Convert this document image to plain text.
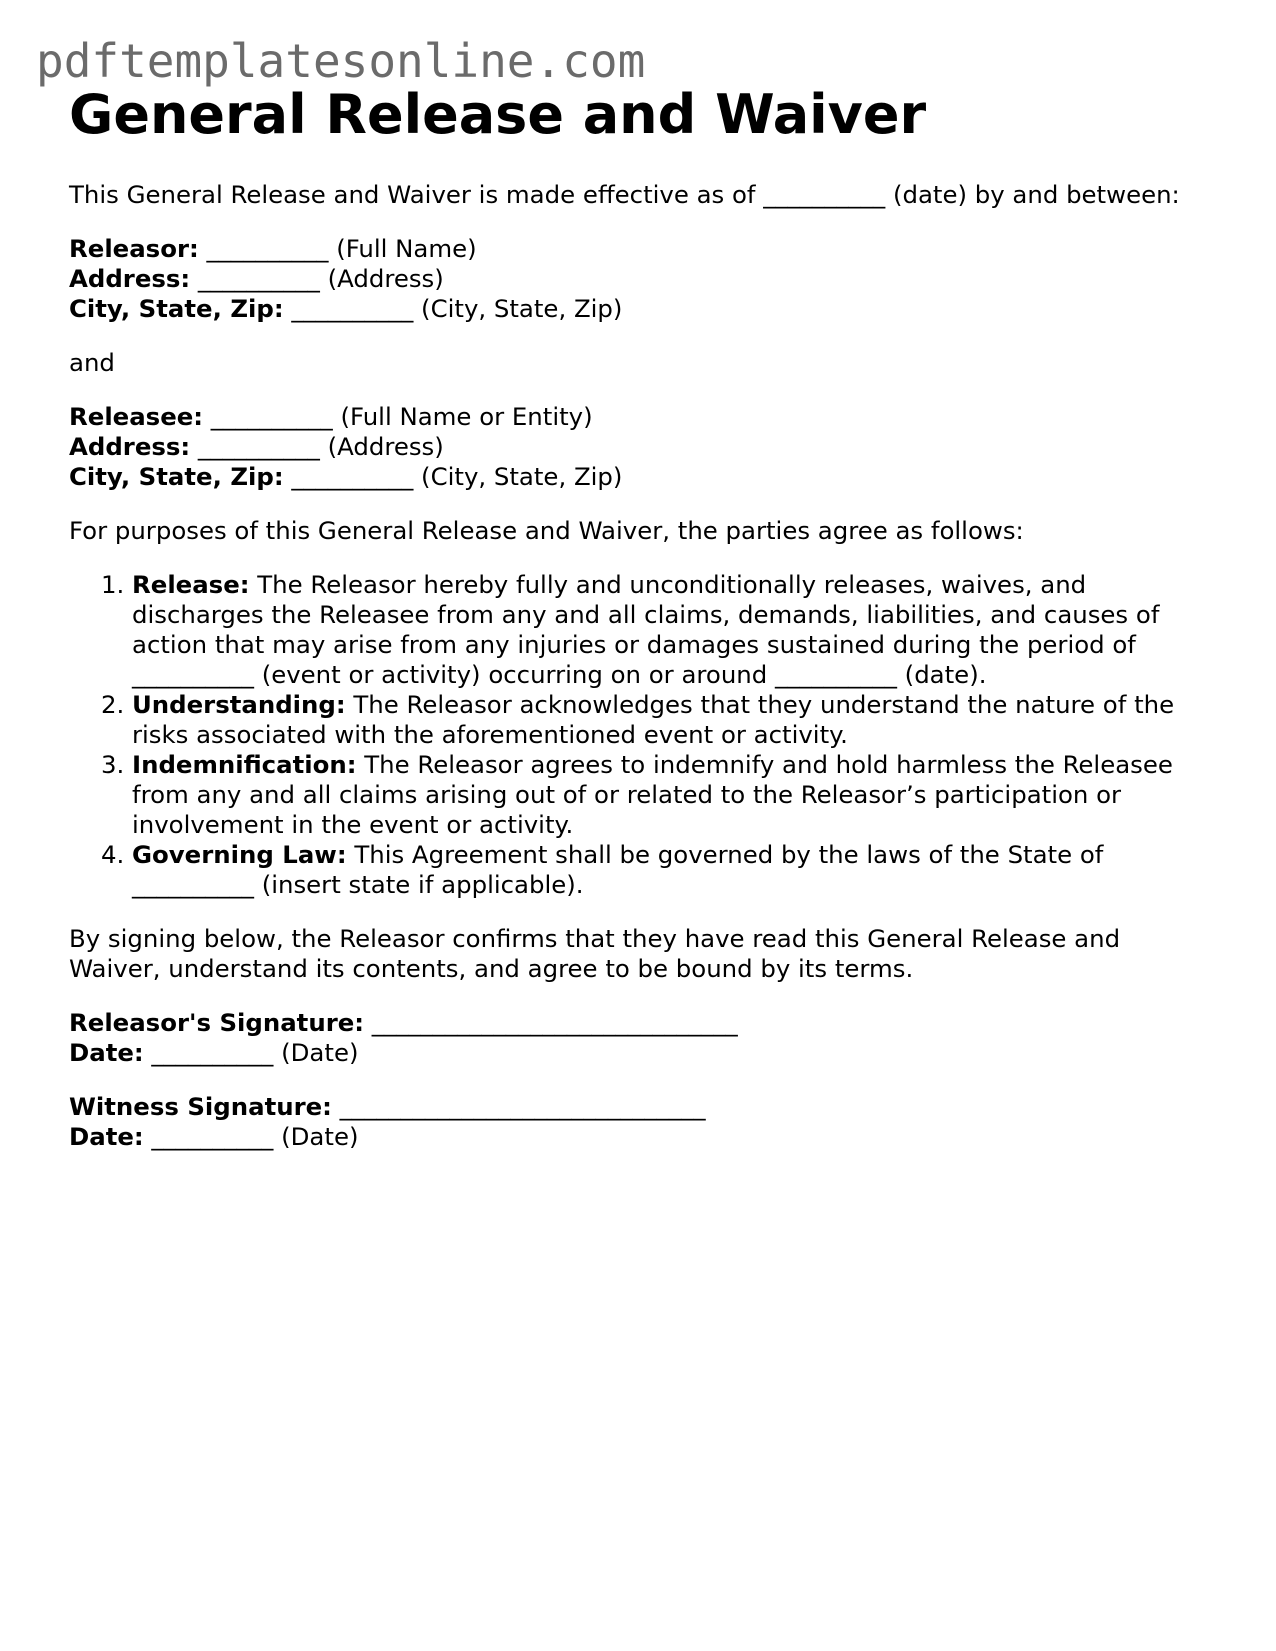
pdftemplatesonline.com
General Release and Waiver

This General Release and Waiver is made effective as of __________ (date) by and between:

Releasor: __________ (Full Name)
Address: __________ (Address)
City, State, Zip: __________ (City, State, Zip)

and

Releasee: __________ (Full Name or Entity)
Address: __________ (Address)
City, State, Zip: __________ (City, State, Zip)

For purposes of this General Release and Waiver, the parties agree as follows:

1. Release: The Releasor hereby fully and unconditionally releases, waives, and discharges the Releasee from any and all claims, demands, liabilities, and causes of action that may arise from any injuries or damages sustained during the period of __________ (event or activity) occurring on or around __________ (date).
2. Understanding: The Releasor acknowledges that they understand the nature of the risks associated with the aforementioned event or activity.
3. Indemnification: The Releasor agrees to indemnify and hold harmless the Releasee from any and all claims arising out of or related to the Releasor’s participation or involvement in the event or activity.
4. Governing Law: This Agreement shall be governed by the laws of the State of __________ (insert state if applicable).

By signing below, the Releasor confirms that they have read this General Release and Waiver, understand its contents, and agree to be bound by its terms.

Releasor's Signature: ______________________________
Date: __________ (Date)
Witness Signature: ______________________________
Date: __________ (Date)
